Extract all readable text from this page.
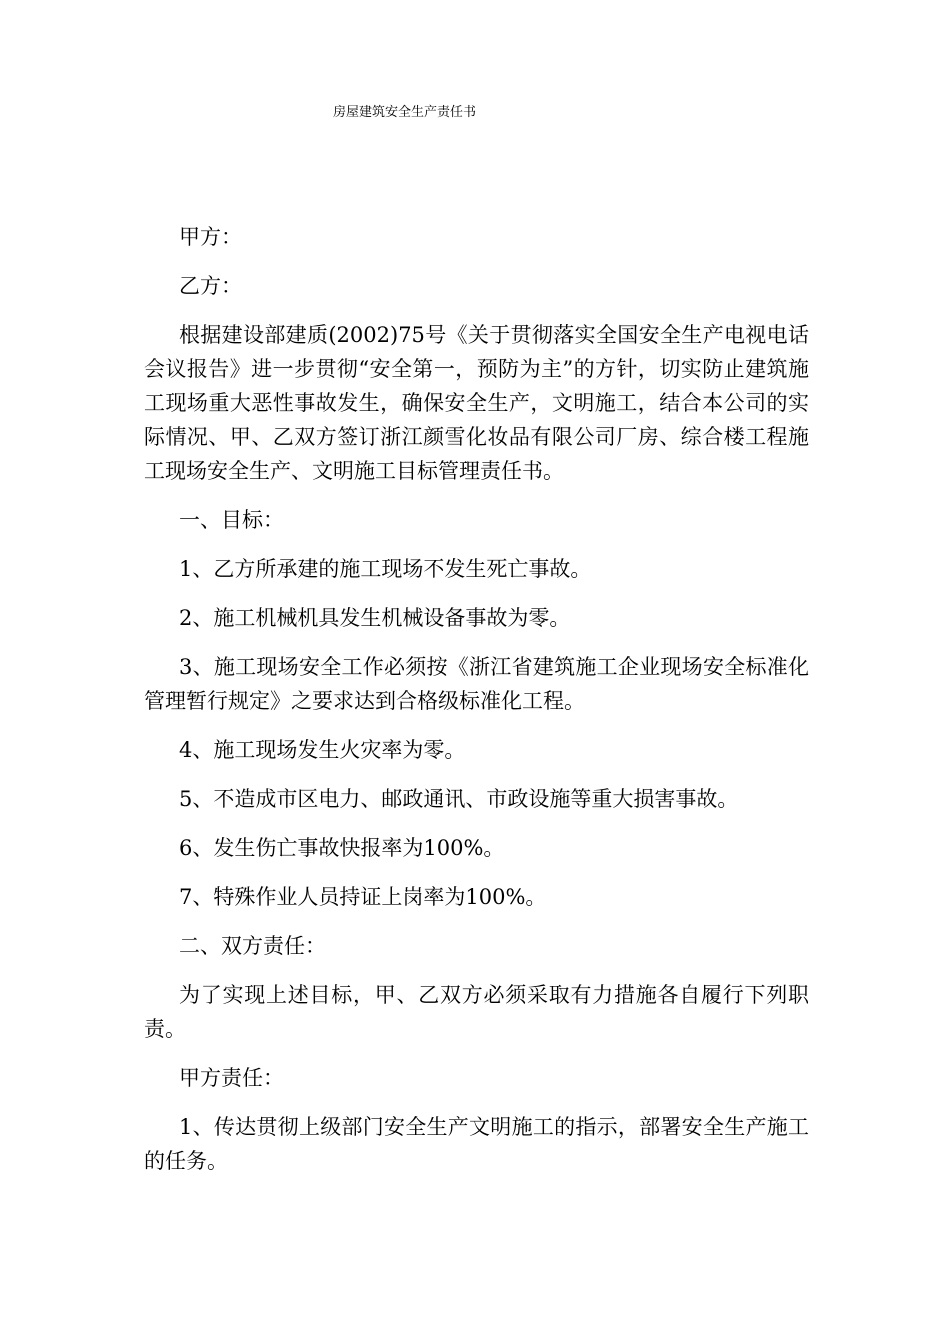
房屋建筑安全生产责任书

甲方：

乙方：

根据建设部建质(2002)75号《关于贯彻落实全国安全生产电视电话会议报告》进一步贯彻“安全第一，预防为主”的方针，切实防止建筑施工现场重大恶性事故发生，确保安全生产，文明施工，结合本公司的实际情况、甲、乙双方签订浙江颜雪化妆品有限公司厂房、综合楼工程施工现场安全生产、文明施工目标管理责任书。

一、目标：

1、乙方所承建的施工现场不发生死亡事故。

2、施工机械机具发生机械设备事故为零。

3、施工现场安全工作必须按《浙江省建筑施工企业现场安全标准化管理暂行规定》之要求达到合格级标准化工程。

4、施工现场发生火灾率为零。

5、不造成市区电力、邮政通讯、市政设施等重大损害事故。

6、发生伤亡事故快报率为100%。

7、特殊作业人员持证上岗率为100%。

二、双方责任：

为了实现上述目标，甲、乙双方必须采取有力措施各自履行下列职责。

甲方责任：

1、传达贯彻上级部门安全生产文明施工的指示，部署安全生产施工的任务。
